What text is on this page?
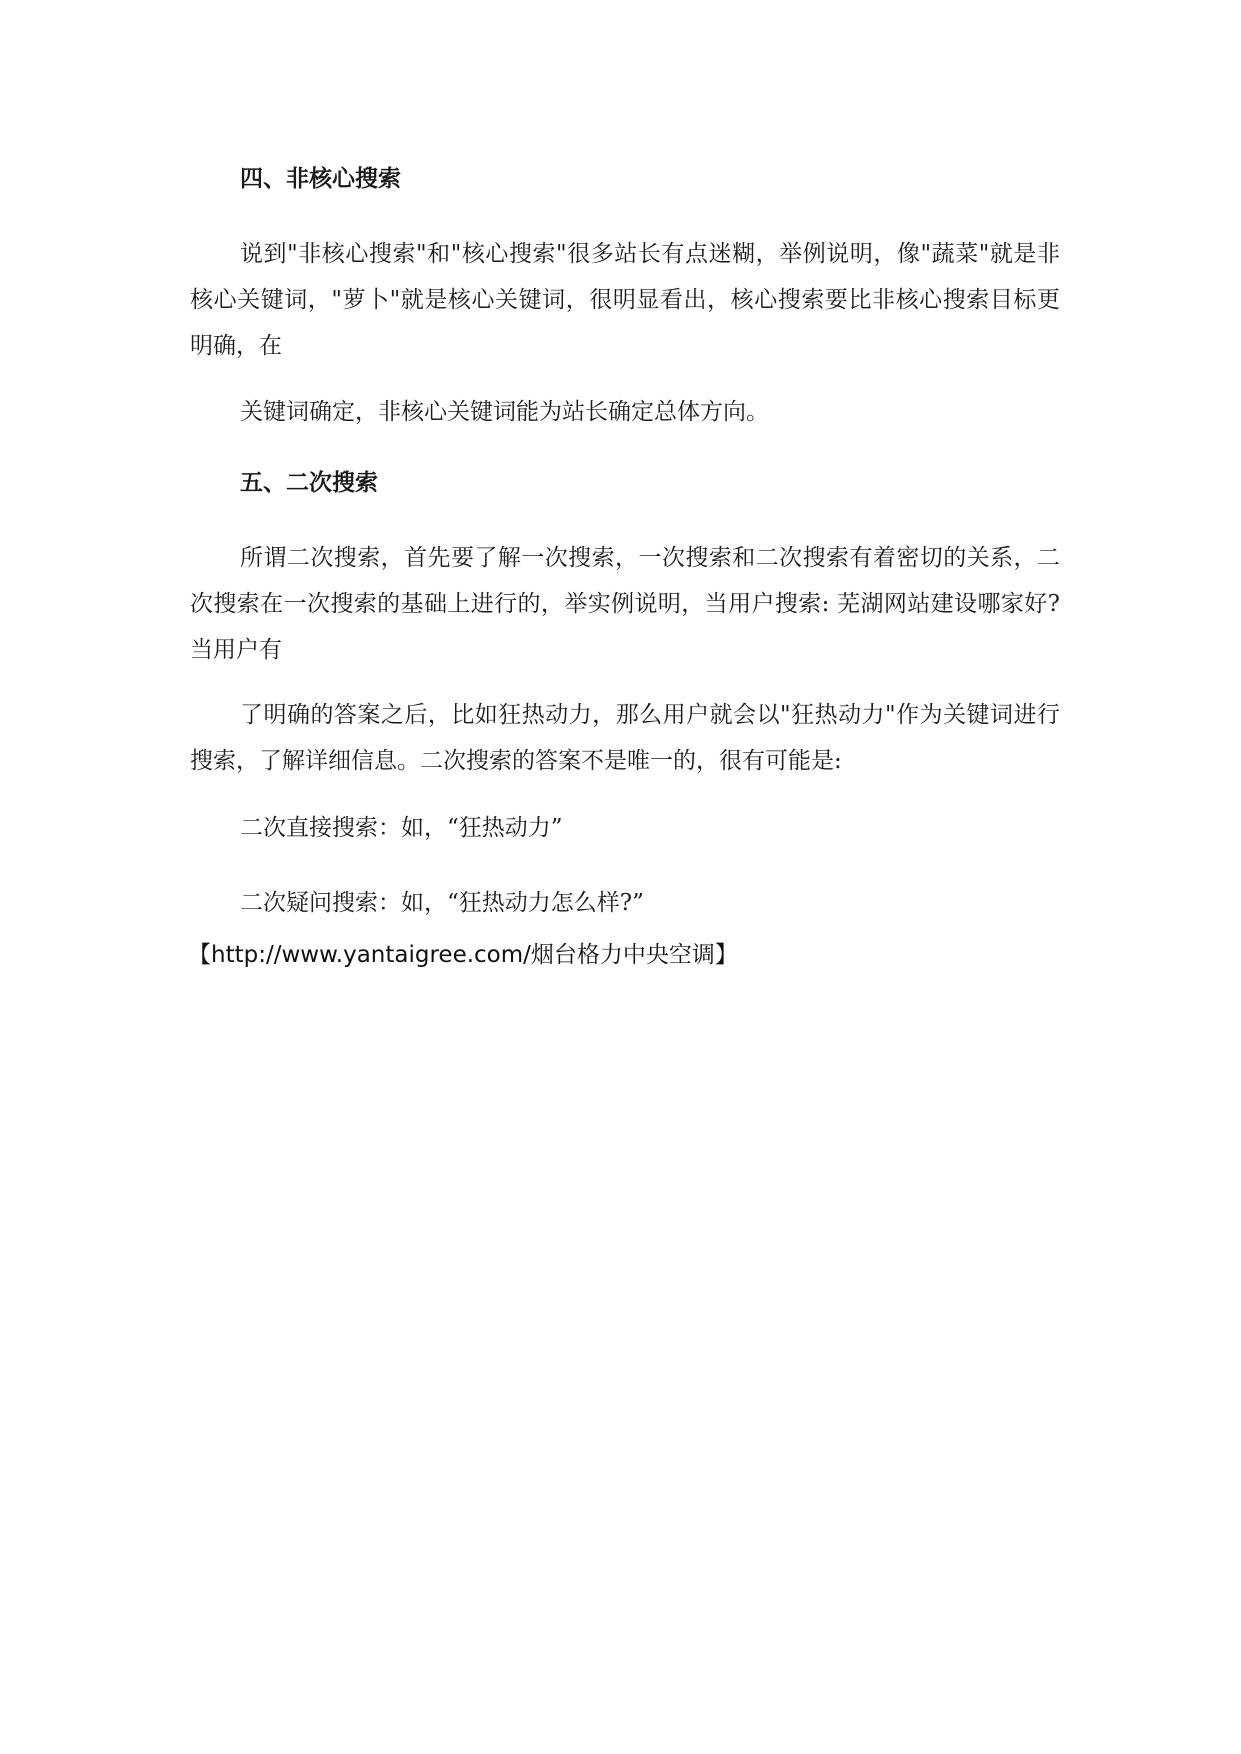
四、非核心搜索

说到"非核心搜索"和"核心搜索"很多站长有点迷糊，举例说明，像"蔬菜"就是非核心关键词，"萝卜"就是核心关键词，很明显看出，核心搜索要比非核心搜索目标更明确，在

关键词确定，非核心关键词能为站长确定总体方向。

五、二次搜索

所谓二次搜索，首先要了解一次搜索，一次搜索和二次搜索有着密切的关系，二次搜索在一次搜索的基础上进行的，举实例说明，当用户搜索: 芜湖网站建设哪家好?当用户有

了明确的答案之后，比如狂热动力，那么用户就会以"狂热动力"作为关键词进行搜索，了解详细信息。二次搜索的答案不是唯一的，很有可能是:

二次直接搜索：如，“狂热动力”

二次疑问搜索：如，“狂热动力怎么样?”

【http://www.yantaigree.com/烟台格力中央空调】
